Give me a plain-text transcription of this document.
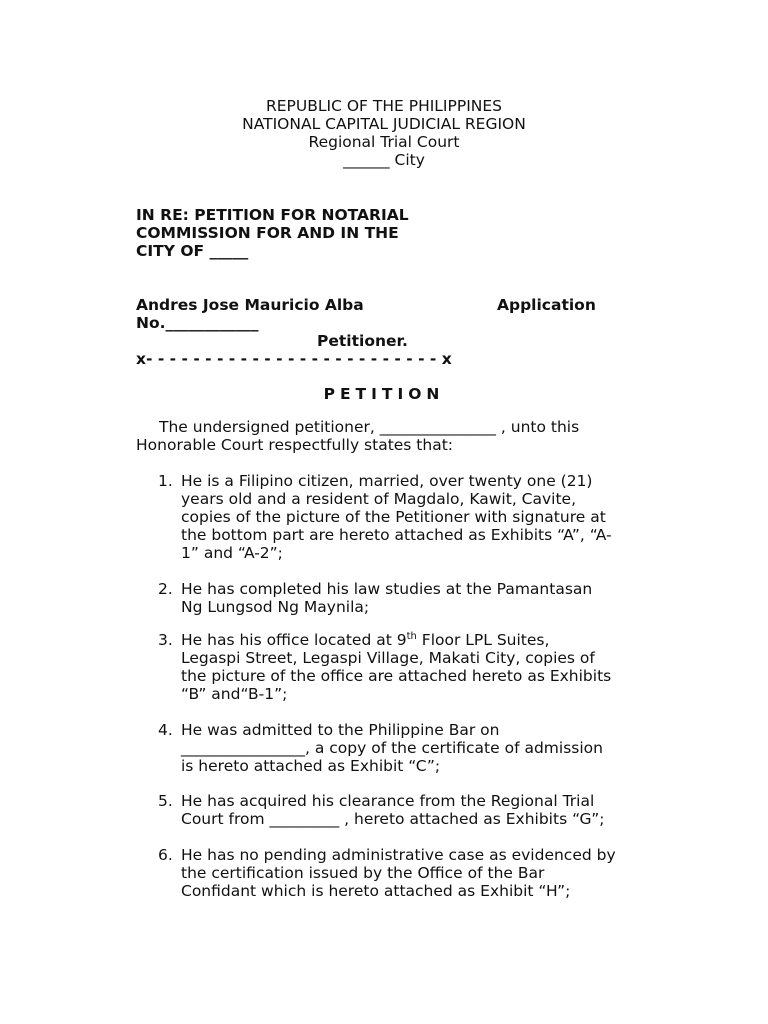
REPUBLIC OF THE PHILIPPINES
NATIONAL CAPITAL JUDICIAL REGION
Regional Trial Court
______ City
IN RE: PETITION FOR NOTARIAL
COMMISSION FOR AND IN THE
CITY OF _____
Andres Jose Mauricio Alba	Application
No.____________
Petitioner.
x- - - - - - - - - - - - - - - - - - - - - - - - - x
PETITION
The undersigned petitioner, _______________ , unto this
Honorable Court respectfully states that:
1. He is a Filipino citizen, married, over twenty one (21)
years old and a resident of Magdalo, Kawit, Cavite,
copies of the picture of the Petitioner with signature at
the bottom part are hereto attached as Exhibits “A”, “A-
1” and “A-2”;
2. He has completed his law studies at the Pamantasan
Ng Lungsod Ng Maynila;
3. He has his office located at 9th Floor LPL Suites,
Legaspi Street, Legaspi Village, Makati City, copies of
the picture of the office are attached hereto as Exhibits
“B” and“B-1”;
4. He was admitted to the Philippine Bar on
________________, a copy of the certificate of admission
is hereto attached as Exhibit “C”;
5. He has acquired his clearance from the Regional Trial
Court from _________ , hereto attached as Exhibits “G”;
6. He has no pending administrative case as evidenced by
the certification issued by the Office of the Bar
Confidant which is hereto attached as Exhibit “H”;
